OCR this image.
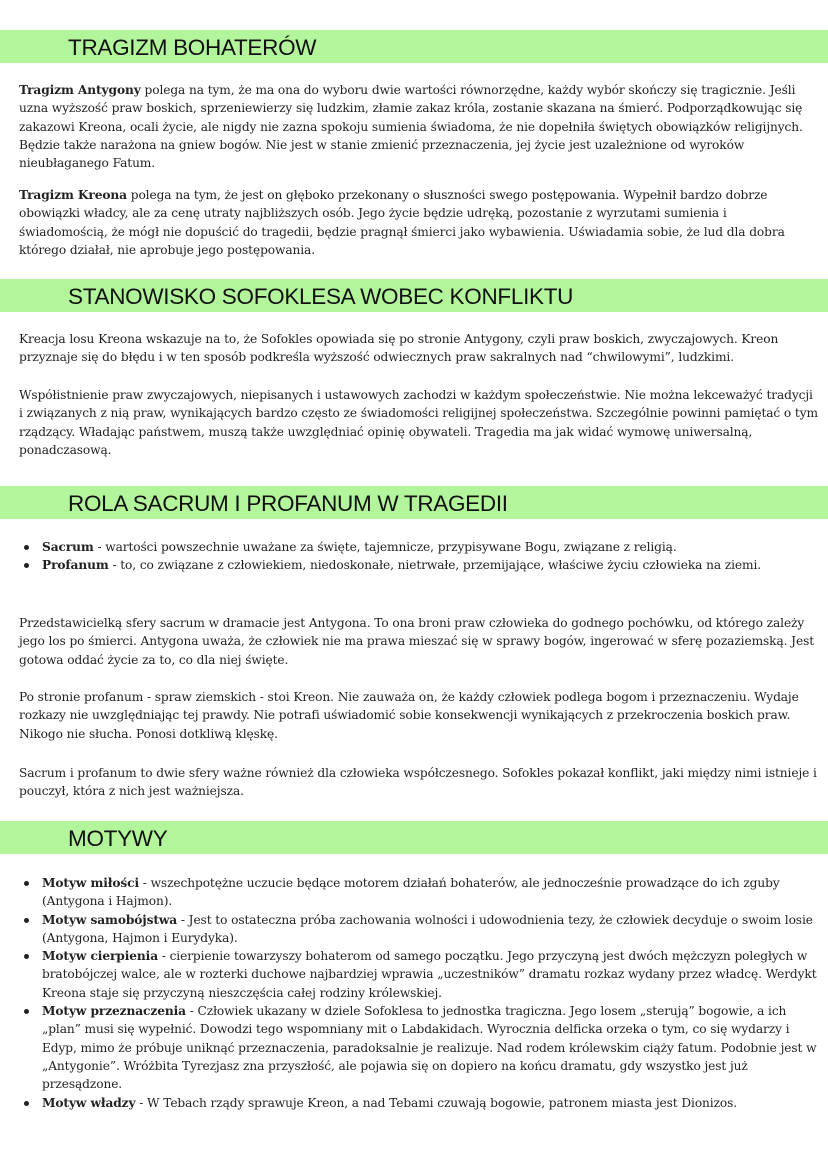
TRAGIZM BOHATERÓW

Tragizm Antygony polega na tym, że ma ona do wyboru dwie wartości równorzędne, każdy wybór skończy się tragicznie. Jeśli uzna wyższość praw boskich, sprzeniewierzy się ludzkim, złamie zakaz króla, zostanie skazana na śmierć. Podporządkowując się zakazowi Kreona, ocali życie, ale nigdy nie zazna spokoju sumienia świadoma, że nie dopełniła świętych obowiązków religijnych. Będzie także narażona na gniew bogów. Nie jest w stanie zmienić przeznaczenia, jej życie jest uzależnione od wyroków nieubłaganego Fatum.

Tragizm Kreona polega na tym, że jest on głęboko przekonany o słuszności swego postępowania. Wypełnił bardzo dobrze obowiązki władcy, ale za cenę utraty najbliższych osób. Jego życie będzie udręką, pozostanie z wyrzutami sumienia i świadomością, że mógł nie dopuścić do tragedii, będzie pragnął śmierci jako wybawienia. Uświadamia sobie, że lud dla dobra którego działał, nie aprobuje jego postępowania.

STANOWISKO SOFOKLESA WOBEC KONFLIKTU

Kreacja losu Kreona wskazuje na to, że Sofokles opowiada się po stronie Antygony, czyli praw boskich, zwyczajowych. Kreon przyznaje się do błędu i w ten sposób podkreśla wyższość odwiecznych praw sakralnych nad “chwilowymi”, ludzkimi.

Współistnienie praw zwyczajowych, niepisanych i ustawowych zachodzi w każdym społeczeństwie. Nie można lekceważyć tradycji i związanych z nią praw, wynikających bardzo często ze świadomości religijnej społeczeństwa. Szczególnie powinni pamiętać o tym rządzący. Władając państwem, muszą także uwzględniać opinię obywateli. Tragedia ma jak widać wymowę uniwersalną, ponadczasową.

ROLA SACRUM I PROFANUM W TRAGEDII
Sacrum - wartości powszechnie uważane za święte, tajemnicze, przypisywane Bogu, związane z religią.
Profanum - to, co związane z człowiekiem, niedoskonałe, nietrwałe, przemijające, właściwe życiu człowieka na ziemi.

Przedstawicielką sfery sacrum w dramacie jest Antygona. To ona broni praw człowieka do godnego pochówku, od którego zależy jego los po śmierci. Antygona uważa, że człowiek nie ma prawa mieszać się w sprawy bogów, ingerować w sferę pozaziemską. Jest gotowa oddać życie za to, co dla niej święte.

Po stronie profanum - spraw ziemskich - stoi Kreon. Nie zauważa on, że każdy człowiek podlega bogom i przeznaczeniu. Wydaje rozkazy nie uwzględniając tej prawdy. Nie potrafi uświadomić sobie konsekwencji wynikających z przekroczenia boskich praw. Nikogo nie słucha. Ponosi dotkliwą klęskę.

Sacrum i profanum to dwie sfery ważne również dla człowieka współczesnego. Sofokles pokazał konflikt, jaki między nimi istnieje i pouczył, która z nich jest ważniejsza.

MOTYWY
Motyw miłości - wszechpotężne uczucie będące motorem działań bohaterów, ale jednocześnie prowadzące do ich zguby (Antygona i Hajmon).
Motyw samobójstwa - Jest to ostateczna próba zachowania wolności i udowodnienia tezy, że człowiek decyduje o swoim losie (Antygona, Hajmon i Eurydyka).
Motyw cierpienia - cierpienie towarzyszy bohaterom od samego początku. Jego przyczyną jest dwóch mężczyzn poległych w bratobójczej walce, ale w rozterki duchowe najbardziej wprawia „uczestników” dramatu rozkaz wydany przez władcę. Werdykt Kreona staje się przyczyną nieszczęścia całej rodziny królewskiej.
Motyw przeznaczenia - Człowiek ukazany w dziele Sofoklesa to jednostka tragiczna. Jego losem „sterują” bogowie, a ich „plan” musi się wypełnić. Dowodzi tego wspomniany mit o Labdakidach. Wyrocznia delficka orzeka o tym, co się wydarzy i Edyp, mimo że próbuje uniknąć przeznaczenia, paradoksalnie je realizuje. Nad rodem królewskim ciąży fatum. Podobnie jest w „Antygonie”. Wróżbita Tyrezjasz zna przyszłość, ale pojawia się on dopiero na końcu dramatu, gdy wszystko jest już przesądzone.
Motyw władzy - W Tebach rządy sprawuje Kreon, a nad Tebami czuwają bogowie, patronem miasta jest Dionizos.
